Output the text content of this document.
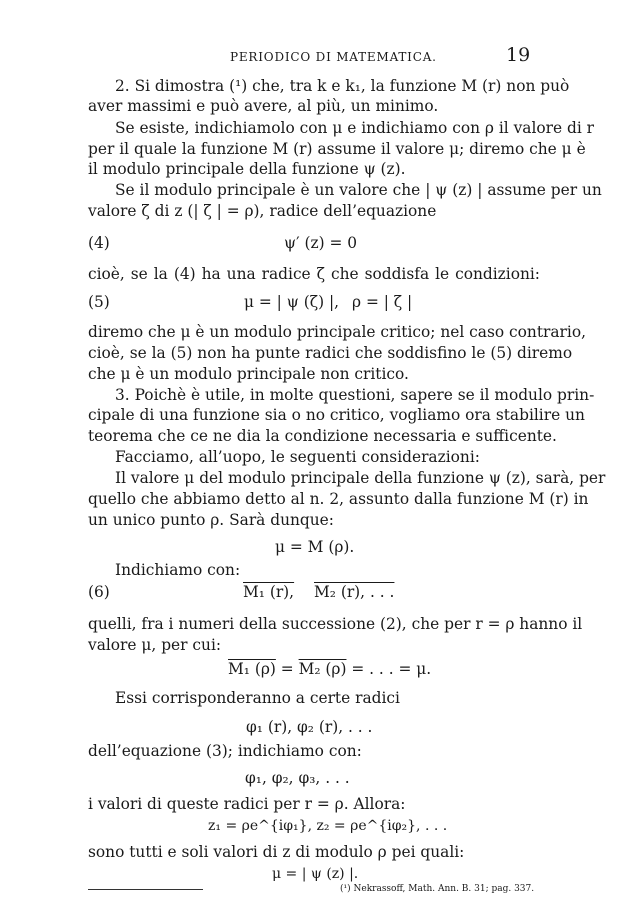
PERIODICO DI MATEMATICA.	19
2. Si dimostra (¹) che, tra k e k₁, la funzione M (r) non può
aver massimi e può avere, al più, un minimo.
Se esiste, indichiamolo con μ e indichiamo con ρ il valore di r
per il quale la funzione M (r) assume il valore μ; diremo che μ è
il modulo principale della funzione ψ (z).
Se il modulo principale è un valore che | ψ (z) | assume per un
valore ζ di z (| ζ | = ρ), radice dell’equazione
(4)	ψ′ (z) = 0
cioè, se la (4) ha una radice ζ che soddisfa le condizioni:
(5)	μ = | ψ (ζ) |, ρ = | ζ |
diremo che μ è un modulo principale critico; nel caso contrario,
cioè, se la (5) non ha punte radici che soddisfino le (5) diremo
che μ è un modulo principale non critico.
3. Poichè è utile, in molte questioni, sapere se il modulo prin-
cipale di una funzione sia o no critico, vogliamo ora stabilire un
teorema che ce ne dia la condizione necessaria e sufficente.
Facciamo, all’uopo, le seguenti considerazioni:
Il valore μ del modulo principale della funzione ψ (z), sarà, per
quello che abbiamo detto al n. 2, assunto dalla funzione M (r) in
un unico punto ρ. Sarà dunque:
μ = M (ρ).
Indichiamo con:
(6)	M₁ (r), M₂ (r), . . .
quelli, fra i numeri della successione (2), che per r = ρ hanno il
valore μ, per cui:
M₁ (ρ) = M₂ (ρ) = . . . = μ.
Essi corrisponderanno a certe radici
φ₁ (r), φ₂ (r), . . .
dell’equazione (3); indichiamo con:
φ₁, φ₂, φ₃, . . .
i valori di queste radici per r = ρ. Allora:
z₁ = ρe^{iφ₁}, z₂ = ρe^{iφ₂}, . . .
sono tutti e soli valori di z di modulo ρ pei quali:
μ = | ψ (z) |.
(¹) Nekrassoff, Math. Ann. B. 31; pag. 337.
